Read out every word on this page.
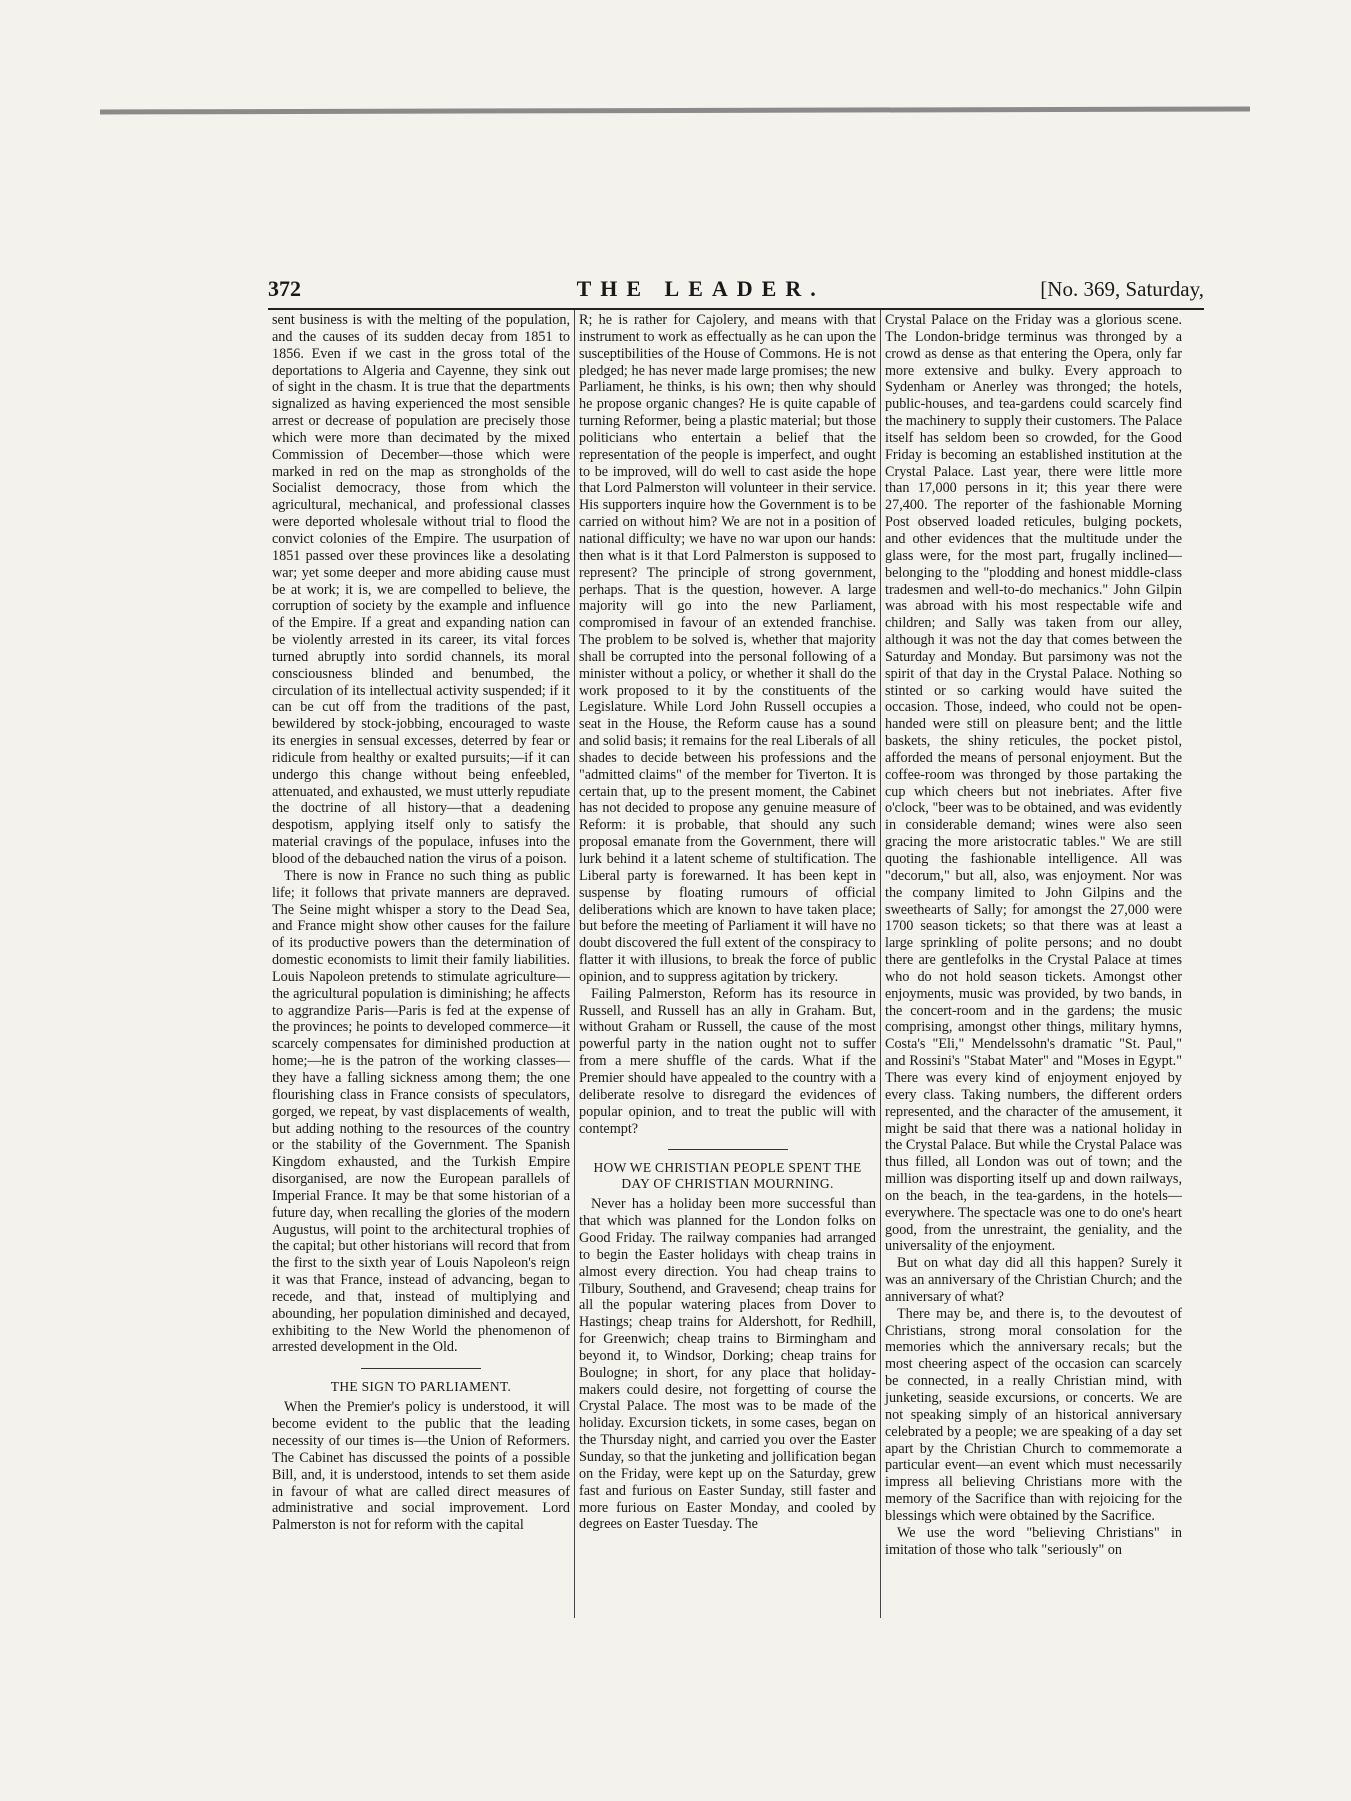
372	THE LEADER.	[No. 369, Saturday,

sent business is with the melting of the population, and the causes of its sudden decay from 1851 to 1856. Even if we cast in the gross total of the deportations to Algeria and Cayenne, they sink out of sight in the chasm. It is true that the departments signalized as having experienced the most sensible arrest or decrease of population are precisely those which were more than decimated by the mixed Commission of December—those which were marked in red on the map as strongholds of the Socialist democracy, those from which the agricultural, mechanical, and professional classes were deported wholesale without trial to flood the convict colonies of the Empire. The usurpation of 1851 passed over these provinces like a desolating war; yet some deeper and more abiding cause must be at work; it is, we are compelled to believe, the corruption of society by the example and influence of the Empire. If a great and expanding nation can be violently arrested in its career, its vital forces turned abruptly into sordid channels, its moral consciousness blinded and benumbed, the circulation of its intellectual activity suspended; if it can be cut off from the traditions of the past, bewildered by stock-jobbing, encouraged to waste its energies in sensual excesses, deterred by fear or ridicule from healthy or exalted pursuits;—if it can undergo this change without being enfeebled, attenuated, and exhausted, we must utterly repudiate the doctrine of all history—that a deadening despotism, applying itself only to satisfy the material cravings of the populace, infuses into the blood of the debauched nation the virus of a poison.

There is now in France no such thing as public life; it follows that private manners are depraved. The Seine might whisper a story to the Dead Sea, and France might show other causes for the failure of its productive powers than the determination of domestic economists to limit their family liabilities. Louis Napoleon pretends to stimulate agriculture—the agricultural population is diminishing; he affects to aggrandize Paris—Paris is fed at the expense of the provinces; he points to developed commerce—it scarcely compensates for diminished production at home;—he is the patron of the working classes—they have a falling sickness among them; the one flourishing class in France consists of speculators, gorged, we repeat, by vast displacements of wealth, but adding nothing to the resources of the country or the stability of the Government. The Spanish Kingdom exhausted, and the Turkish Empire disorganised, are now the European parallels of Imperial France. It may be that some historian of a future day, when recalling the glories of the modern Augustus, will point to the architectural trophies of the capital; but other historians will record that from the first to the sixth year of Louis Napoleon's reign it was that France, instead of advancing, began to recede, and that, instead of multiplying and abounding, her population diminished and decayed, exhibiting to the New World the phenomenon of arrested development in the Old.

THE SIGN TO PARLIAMENT.

When the Premier's policy is understood, it will become evident to the public that the leading necessity of our times is—the Union of Reformers. The Cabinet has discussed the points of a possible Bill, and, it is understood, intends to set them aside in favour of what are called direct measures of administrative and social improvement. Lord Palmerston is not for reform with the capital

R; he is rather for Cajolery, and means with that instrument to work as effectually as he can upon the susceptibilities of the House of Commons. He is not pledged; he has never made large promises; the new Parliament, he thinks, is his own; then why should he propose organic changes? He is quite capable of turning Reformer, being a plastic material; but those politicians who entertain a belief that the representation of the people is imperfect, and ought to be improved, will do well to cast aside the hope that Lord Palmerston will volunteer in their service. His supporters inquire how the Government is to be carried on without him? We are not in a position of national difficulty; we have no war upon our hands: then what is it that Lord Palmerston is supposed to represent? The principle of strong government, perhaps. That is the question, however. A large majority will go into the new Parliament, compromised in favour of an extended franchise. The problem to be solved is, whether that majority shall be corrupted into the personal following of a minister without a policy, or whether it shall do the work proposed to it by the constituents of the Legislature. While Lord John Russell occupies a seat in the House, the Reform cause has a sound and solid basis; it remains for the real Liberals of all shades to decide between his professions and the "admitted claims" of the member for Tiverton. It is certain that, up to the present moment, the Cabinet has not decided to propose any genuine measure of Reform: it is probable, that should any such proposal emanate from the Government, there will lurk behind it a latent scheme of stultification. The Liberal party is forewarned. It has been kept in suspense by floating rumours of official deliberations which are known to have taken place; but before the meeting of Parliament it will have no doubt discovered the full extent of the conspiracy to flatter it with illusions, to break the force of public opinion, and to suppress agitation by trickery.

Failing Palmerston, Reform has its resource in Russell, and Russell has an ally in Graham. But, without Graham or Russell, the cause of the most powerful party in the nation ought not to suffer from a mere shuffle of the cards. What if the Premier should have appealed to the country with a deliberate resolve to disregard the evidences of popular opinion, and to treat the public will with contempt?

HOW WE CHRISTIAN PEOPLE SPENT THE DAY OF CHRISTIAN MOURNING.

Never has a holiday been more successful than that which was planned for the London folks on Good Friday. The railway companies had arranged to begin the Easter holidays with cheap trains in almost every direction. You had cheap trains to Tilbury, Southend, and Gravesend; cheap trains for all the popular watering places from Dover to Hastings; cheap trains for Aldershott, for Redhill, for Greenwich; cheap trains to Birmingham and beyond it, to Windsor, Dorking; cheap trains for Boulogne; in short, for any place that holiday-makers could desire, not forgetting of course the Crystal Palace. The most was to be made of the holiday. Excursion tickets, in some cases, began on the Thursday night, and carried you over the Easter Sunday, so that the junketing and jollification began on the Friday, were kept up on the Saturday, grew fast and furious on Easter Sunday, still faster and more furious on Easter Monday, and cooled by degrees on Easter Tuesday. The

Crystal Palace on the Friday was a glorious scene. The London-bridge terminus was thronged by a crowd as dense as that entering the Opera, only far more extensive and bulky. Every approach to Sydenham or Anerley was thronged; the hotels, public-houses, and tea-gardens could scarcely find the machinery to supply their customers. The Palace itself has seldom been so crowded, for the Good Friday is becoming an established institution at the Crystal Palace. Last year, there were little more than 17,000 persons in it; this year there were 27,400. The reporter of the fashionable Morning Post observed loaded reticules, bulging pockets, and other evidences that the multitude under the glass were, for the most part, frugally inclined—belonging to the "plodding and honest middle-class tradesmen and well-to-do mechanics." John Gilpin was abroad with his most respectable wife and children; and Sally was taken from our alley, although it was not the day that comes between the Saturday and Monday. But parsimony was not the spirit of that day in the Crystal Palace. Nothing so stinted or so carking would have suited the occasion. Those, indeed, who could not be open-handed were still on pleasure bent; and the little baskets, the shiny reticules, the pocket pistol, afforded the means of personal enjoyment. But the coffee-room was thronged by those partaking the cup which cheers but not inebriates. After five o'clock, "beer was to be obtained, and was evidently in considerable demand; wines were also seen gracing the more aristocratic tables." We are still quoting the fashionable intelligence. All was "decorum," but all, also, was enjoyment. Nor was the company limited to John Gilpins and the sweethearts of Sally; for amongst the 27,000 were 1700 season tickets; so that there was at least a large sprinkling of polite persons; and no doubt there are gentlefolks in the Crystal Palace at times who do not hold season tickets. Amongst other enjoyments, music was provided, by two bands, in the concert-room and in the gardens; the music comprising, amongst other things, military hymns, Costa's "Eli," Mendelssohn's dramatic "St. Paul," and Rossini's "Stabat Mater" and "Moses in Egypt." There was every kind of enjoyment enjoyed by every class. Taking numbers, the different orders represented, and the character of the amusement, it might be said that there was a national holiday in the Crystal Palace. But while the Crystal Palace was thus filled, all London was out of town; and the million was disporting itself up and down railways, on the beach, in the tea-gardens, in the hotels—everywhere. The spectacle was one to do one's heart good, from the unrestraint, the geniality, and the universality of the enjoyment.

But on what day did all this happen? Surely it was an anniversary of the Christian Church; and the anniversary of what?

There may be, and there is, to the devoutest of Christians, strong moral consolation for the memories which the anniversary recals; but the most cheering aspect of the occasion can scarcely be connected, in a really Christian mind, with junketing, seaside excursions, or concerts. We are not speaking simply of an historical anniversary celebrated by a people; we are speaking of a day set apart by the Christian Church to commemorate a particular event—an event which must necessarily impress all believing Christians more with the memory of the Sacrifice than with rejoicing for the blessings which were obtained by the Sacrifice.

We use the word "believing Christians" in imitation of those who talk "seriously" on
